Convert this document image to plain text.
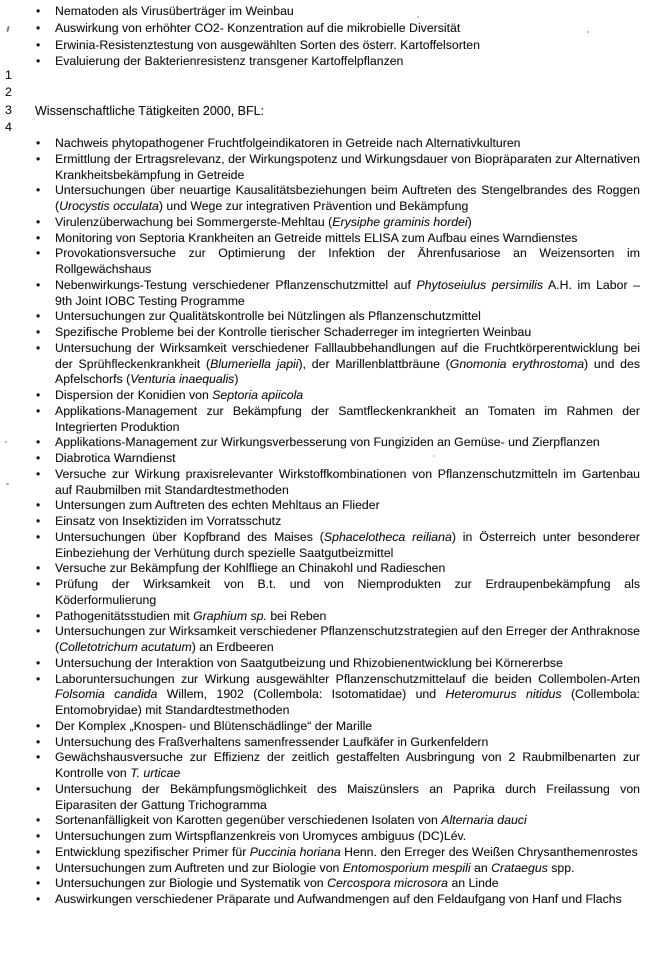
1
2
3
4
•	Nematoden als Virusüberträger im Weinbau
•	Auswirkung von erhöhter CO2- Konzentration auf die mikrobielle Diversität
•	Erwinia-Resistenztestung von ausgewählten Sorten des österr. Kartoffelsorten
•	Evaluierung der Bakterienresistenz transgener Kartoffelpflanzen
Wissenschaftliche Tätigkeiten 2000, BFL:
•	Nachweis phytopathogener Fruchtfolgeindikatoren in Getreide nach Alternativkulturen
•	Ermittlung der Ertragsrelevanz, der Wirkungspotenz und Wirkungsdauer von Biopräparaten zur Alternativen Krankheitsbekämpfung in Getreide
•	Untersuchungen über neuartige Kausalitätsbeziehungen beim Auftreten des Stengelbrandes des Roggen (Urocystis occulata) und Wege zur integrativen Prävention und Bekämpfung
•	Virulenzüberwachung bei Sommergerste-Mehltau (Erysiphe graminis hordei)
•	Monitoring von Septoria Krankheiten an Getreide mittels ELISA zum Aufbau eines Warndienstes
•	Provokationsversuche zur Optimierung der Infektion der Ährenfusariose an Weizensorten im Rollgewächshaus
•	Nebenwirkungs-Testung verschiedener Pflanzenschutzmittel auf Phytoseiulus persimilis A.H. im Labor – 9th Joint IOBC Testing Programme
•	Untersuchungen zur Qualitätskontrolle bei Nützlingen als Pflanzenschutzmittel
•	Spezifische Probleme bei der Kontrolle tierischer Schaderreger im integrierten Weinbau
•	Untersuchung der Wirksamkeit verschiedener Falllaubbehandlungen auf die Fruchtkörperentwicklung bei der Sprühfleckenkrankheit (Blumeriella japii), der Marillenblattbräune (Gnomonia erythrostoma) und des Apfelschorfs (Venturia inaequalis)
•	Dispersion der Konidien von Septoria apiicola
•	Applikations-Management zur Bekämpfung der Samtfleckenkrankheit an Tomaten im Rahmen der Integrierten Produktion
•	Applikations-Management zur Wirkungsverbesserung von Fungiziden an Gemüse- und Zierpflanzen
•	Diabrotica Warndienst
•	Versuche zur Wirkung praxisrelevanter Wirkstoffkombinationen von Pflanzenschutzmitteln im Gartenbau auf Raubmilben mit Standardtestmethoden
•	Untersungen zum Auftreten des echten Mehltaus an Flieder
•	Einsatz von Insektiziden im Vorratsschutz
•	Untersuchungen über Kopfbrand des Maises (Sphacelotheca reiliana) in Österreich unter besonderer Einbeziehung der Verhütung durch spezielle Saatgutbeizmittel
•	Versuche zur Bekämpfung der Kohlfliege an Chinakohl und Radieschen
•	Prüfung der Wirksamkeit von B.t. und von Niemprodukten zur Erdraupenbekämpfung als Köderformulierung
•	Pathogenitätsstudien mit Graphium sp. bei Reben
•	Untersuchungen zur Wirksamkeit verschiedener Pflanzenschutzstrategien auf den Erreger der Anthraknose (Colletotrichum acutatum) an Erdbeeren
•	Untersuchung der Interaktion von Saatgutbeizung und Rhizobienentwicklung bei Körnererbse
•	Laboruntersuchungen zur Wirkung ausgewählter Pflanzenschutzmittelauf die beiden Collembolen-Arten Folsomia candida Willem, 1902 (Collembola: Isotomatidae) und Heteromurus nitidus (Collembola: Entomobryidae) mit Standardtestmethoden
•	Der Komplex „Knospen- und Blütenschädlinge“ der Marille
•	Untersuchung des Fraßverhaltens samenfressender Laufkäfer in Gurkenfeldern
•	Gewächshausversuche zur Effizienz der zeitlich gestaffelten Ausbringung von 2 Raubmilbenarten zur Kontrolle von T. urticae
•	Untersuchung der Bekämpfungsmöglichkeit des Maiszünslers an Paprika durch Freilassung von Eiparasiten der Gattung Trichogramma
•	Sortenanfälligkeit von Karotten gegenüber verschiedenen Isolaten von Alternaria dauci
•	Untersuchungen zum Wirtspflanzenkreis von Uromyces ambiguus (DC)Lév.
•	Entwicklung spezifischer Primer für Puccinia horiana Henn. den Erreger des Weißen Chrysanthemenrostes
•	Untersuchungen zum Auftreten und zur Biologie von Entomosporium mespili an Crataegus spp.
•	Untersuchungen zur Biologie und Systematik von Cercospora microsora an Linde
•	Auswirkungen verschiedener Präparate und Aufwandmengen auf den Feldaufgang von Hanf und Flachs
